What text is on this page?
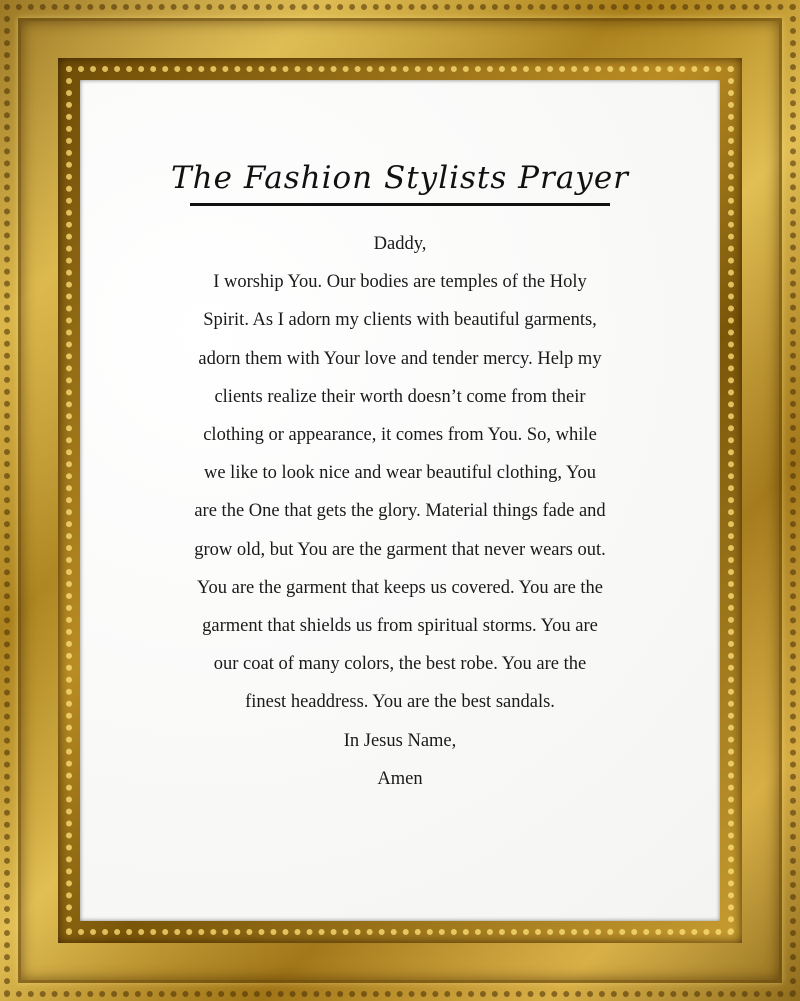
The Fashion Stylists Prayer
Daddy,
I worship You. Our bodies are temples of the Holy
Spirit. As I adorn my clients with beautiful garments,
adorn them with Your love and tender mercy. Help my
clients realize their worth doesn’t come from their
clothing or appearance, it comes from You. So, while
we like to look nice and wear beautiful clothing, You
are the One that gets the glory. Material things fade and
grow old, but You are the garment that never wears out.
You are the garment that keeps us covered. You are the
garment that shields us from spiritual storms. You are
our coat of many colors, the best robe. You are the
finest headdress. You are the best sandals.
In Jesus Name,
Amen
